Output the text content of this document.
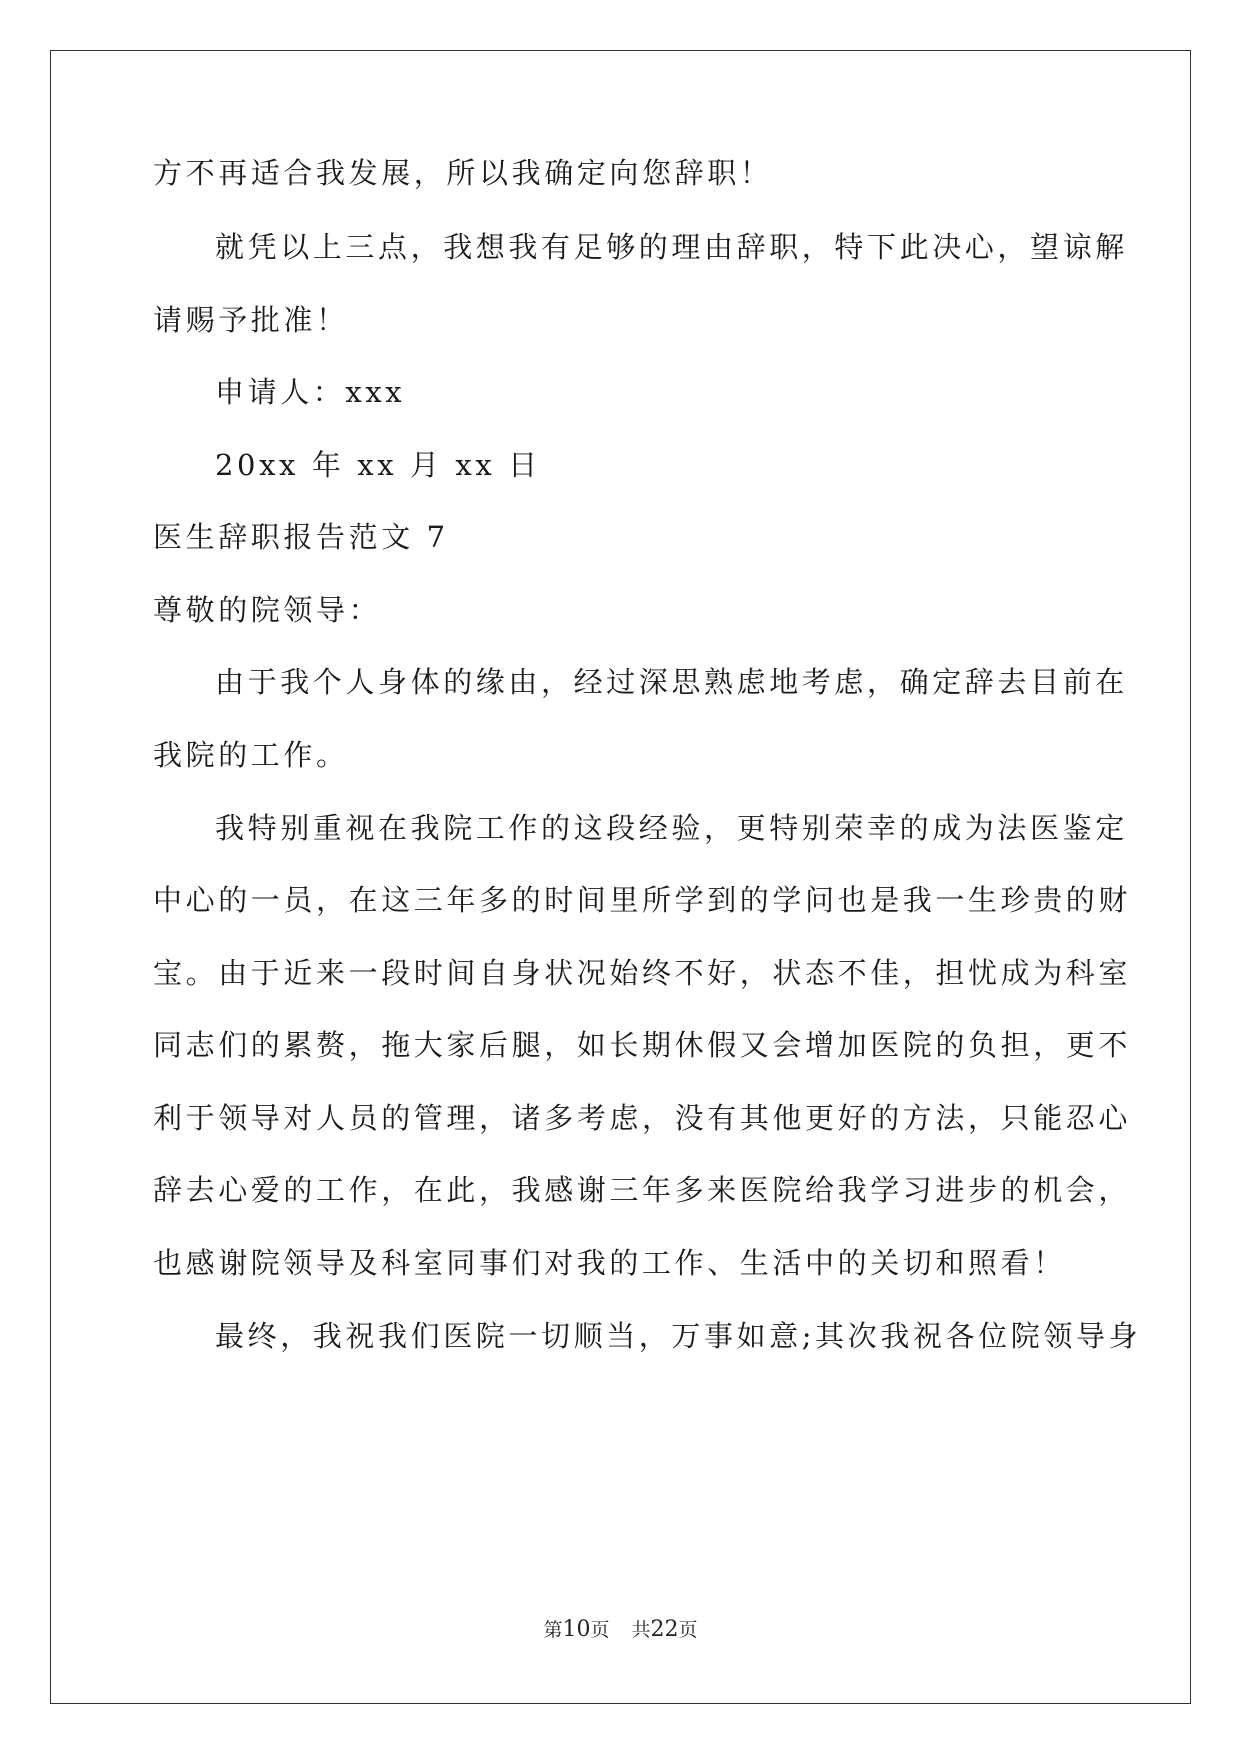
方不再适合我发展，所以我确定向您辞职！
就凭以上三点，我想我有足够的理由辞职，特下此决心，望谅解
请赐予批准！
申请人：xxx
20xx 年 xx 月 xx 日
医生辞职报告范文 7
尊敬的院领导：
由于我个人身体的缘由，经过深思熟虑地考虑，确定辞去目前在
我院的工作。
我特别重视在我院工作的这段经验，更特别荣幸的成为法医鉴定
中心的一员，在这三年多的时间里所学到的学问也是我一生珍贵的财
宝。由于近来一段时间自身状况始终不好，状态不佳，担忧成为科室
同志们的累赘，拖大家后腿，如长期休假又会增加医院的负担，更不
利于领导对人员的管理，诸多考虑，没有其他更好的方法，只能忍心
辞去心爱的工作，在此，我感谢三年多来医院给我学习进步的机会，
也感谢院领导及科室同事们对我的工作、生活中的关切和照看！
最终，我祝我们医院一切顺当，万事如意;其次我祝各位院领导身
第10页 共22页
